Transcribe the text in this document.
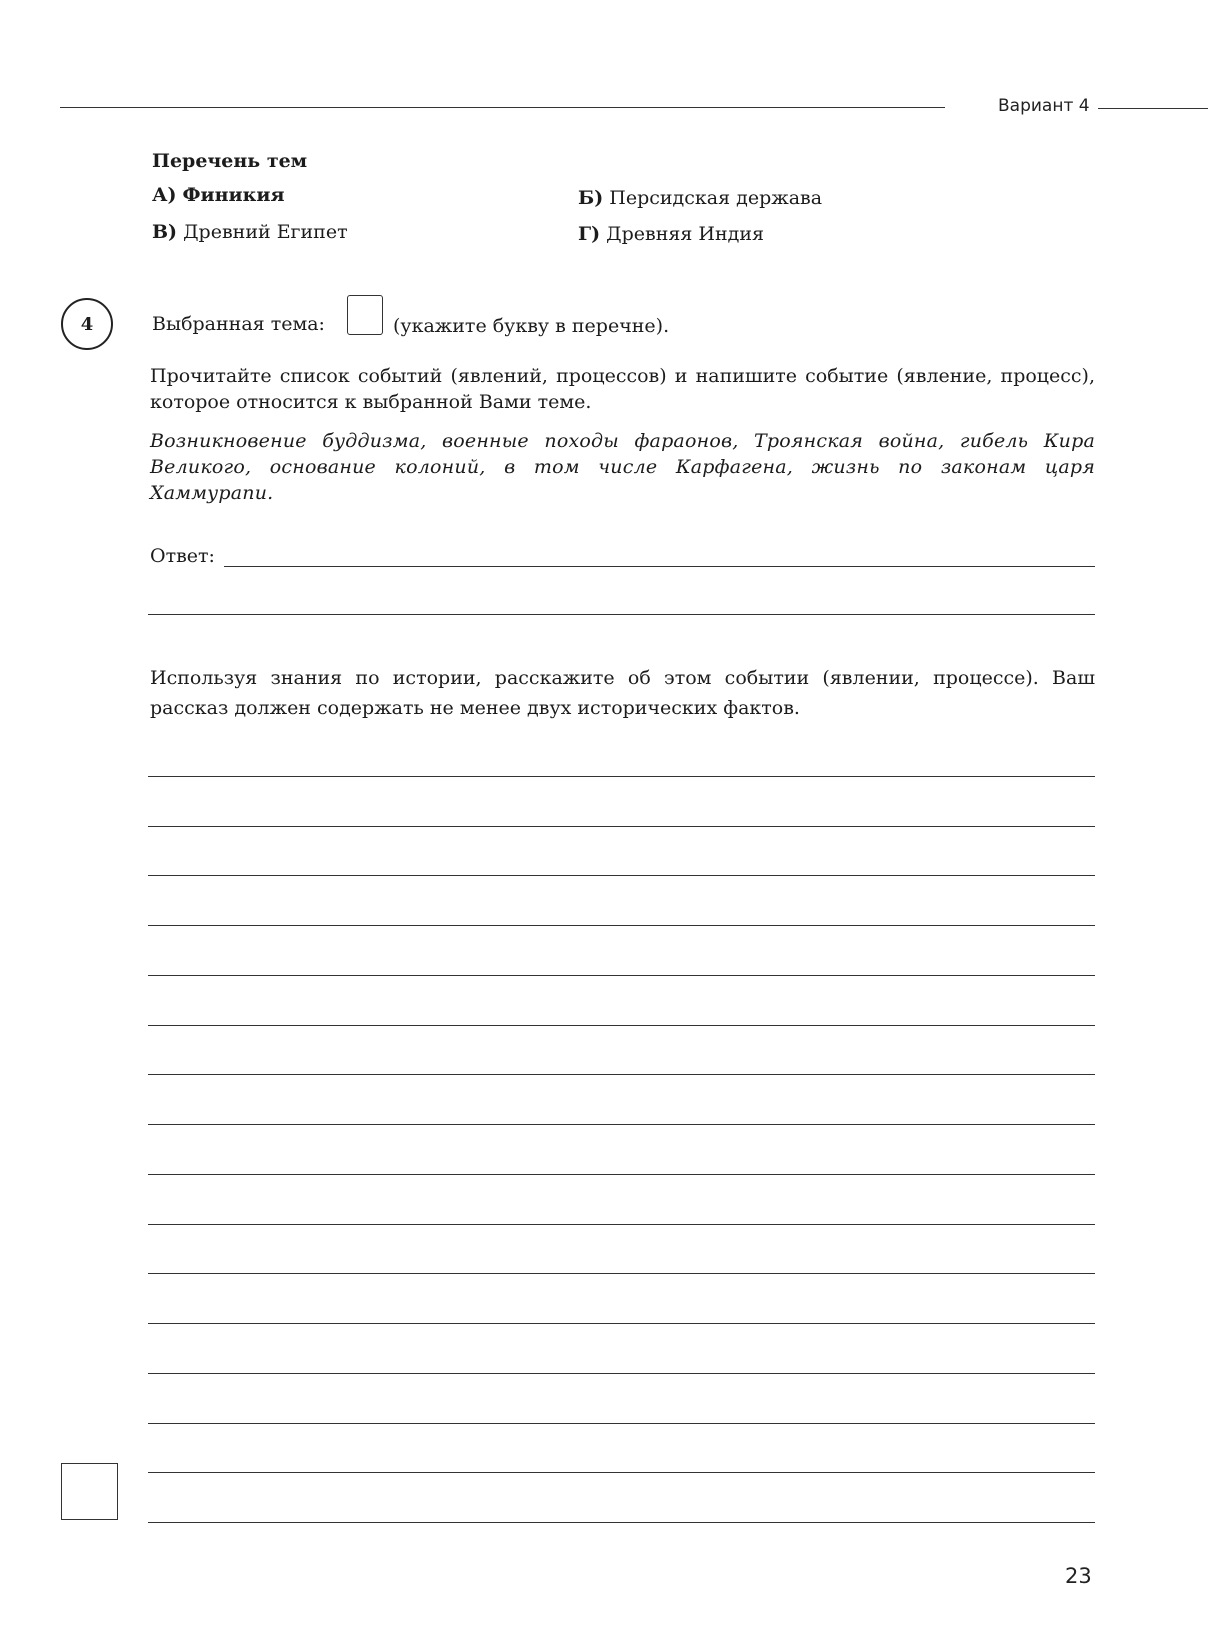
Вариант 4
Перечень тем
А) Финикия	Б) Персидская держава
В) Древний Египет	Г) Древняя Индия
4	Выбранная тема:	(укажите букву в перечне).
Прочитайте список событий (явлений, процессов) и напишите событие (явление, процесс), которое относится к выбранной Вами теме.
Возникновение буддизма, военные походы фараонов, Троянская война, гибель Кира Великого, основание колоний, в том числе Карфагена, жизнь по законам царя Хаммурапи.
Ответ:
Используя знания по истории, расскажите об этом событии (явлении, процессе). Ваш рассказ должен содержать не менее двух исторических фактов.
23
